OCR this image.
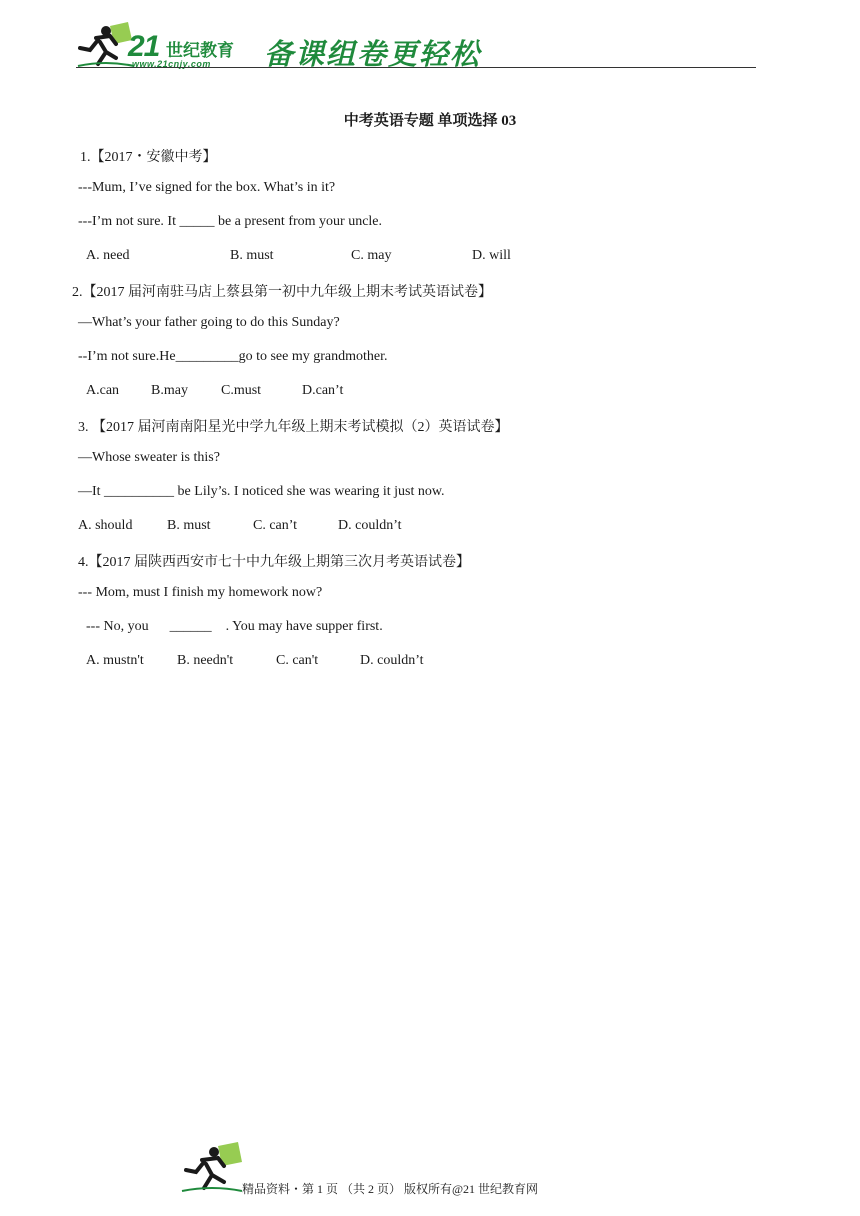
21 世纪教育
www.21cnjy.com 备课组卷更轻松
中考英语专题 单项选择 03
1.【2017・安徽中考】
---Mum, I’ve signed for the box. What’s in it?
---I’m not sure. It _____ be a present from your uncle.

A. need

	B. must

	C. may

	D. will

2.【2017 届河南驻马店上蔡县第一初中九年级上期末考试英语试卷】
—What’s your father going to do this Sunday?
--I’m not sure.He_________go to see my grandmother.

A.can

B.may

C.must

	D.can’t

3. 【2017 届河南南阳星光中学九年级上期末考试模拟（2）英语试卷】
—Whose sweater is this?
—It __________ be Lily’s. I noticed she was wearing it just now.

A. should

B. must

	C. can’t

	D. couldn’t

4.【2017 届陕西西安市七十中九年级上期第三次月考英语试卷】
--- Mom, must I finish my homework now?
--- No, you      ______    . You may have supper first.

A. mustn't

B. needn't

	C. can't

	D. couldn’t

精品资料・第 1 页 （共 2 页） 版权所有@21 世纪教育网
